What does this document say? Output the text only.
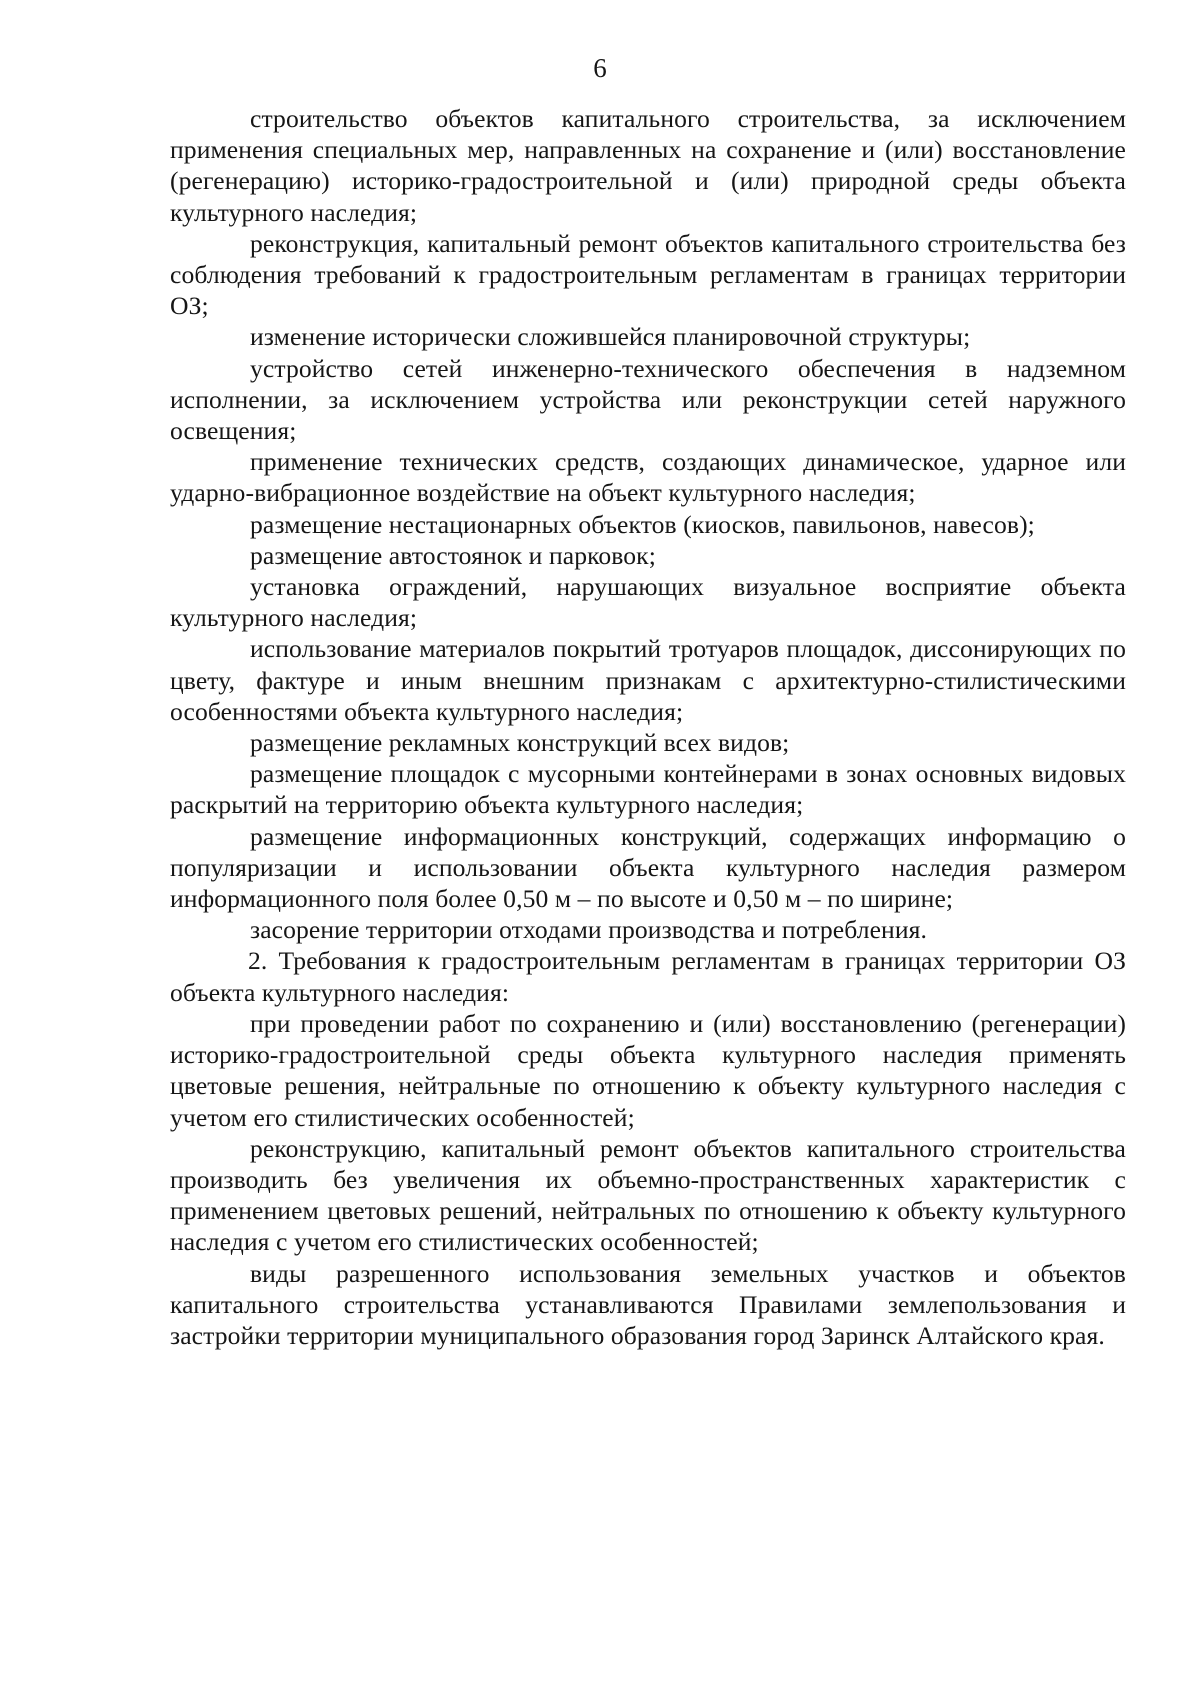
6

строительство объектов капитального строительства, за исключением применения специальных мер, направленных на сохранение и (или) восстановление (регенерацию) историко-градостроительной и (или) природной среды объекта культурного наследия;

реконструкция, капитальный ремонт объектов капитального строительства без соблюдения требований к градостроительным регламентам в границах территории ОЗ;

изменение исторически сложившейся планировочной структуры;

устройство сетей инженерно-технического обеспечения в надземном исполнении, за исключением устройства или реконструкции сетей наружного освещения;

применение технических средств, создающих динамическое, ударное или ударно-вибрационное воздействие на объект культурного наследия;

размещение нестационарных объектов (киосков, павильонов, навесов);

размещение автостоянок и парковок;

установка ограждений, нарушающих визуальное восприятие объекта культурного наследия;

использование материалов покрытий тротуаров площадок, диссонирующих по цвету, фактуре и иным внешним признакам с архитектурно-стилистическими особенностями объекта культурного наследия;

размещение рекламных конструкций всех видов;

размещение площадок с мусорными контейнерами в зонах основных видовых раскрытий на территорию объекта культурного наследия;

размещение информационных конструкций, содержащих информацию о популяризации и использовании объекта культурного наследия размером информационного поля более 0,50 м – по высоте и 0,50 м – по ширине;

засорение территории отходами производства и потребления.

2. Требования к градостроительным регламентам в границах территории ОЗ объекта культурного наследия:

при проведении работ по сохранению и (или) восстановлению (регенерации) историко-градостроительной среды объекта культурного наследия применять цветовые решения, нейтральные по отношению к объекту культурного наследия с учетом его стилистических особенностей;

реконструкцию, капитальный ремонт объектов капитального строительства производить без увеличения их объемно-пространственных характеристик с применением цветовых решений, нейтральных по отношению к объекту культурного наследия с учетом его стилистических особенностей;

виды разрешенного использования земельных участков и объектов капитального строительства устанавливаются Правилами землепользования и застройки территории муниципального образования город Заринск Алтайского края.
